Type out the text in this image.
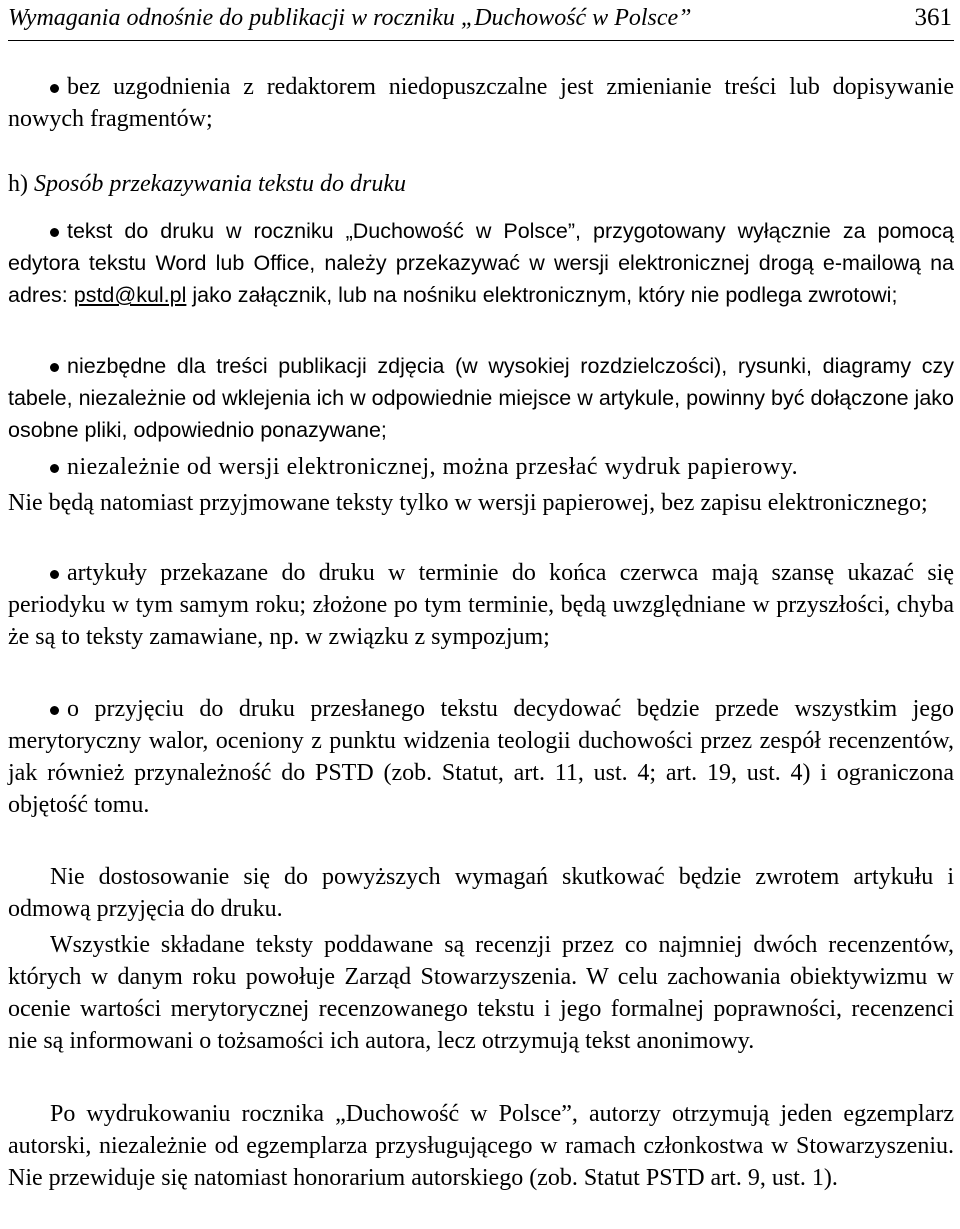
Wymagania odnośnie do publikacji w roczniku „Duchowość w Polsce”	361
bez uzgodnienia z redaktorem niedopuszczalne jest zmienianie treści lub dopisywanie nowych fragmentów;
h) Sposób przekazywania tekstu do druku
tekst do druku w roczniku „Duchowość w Polsce”, przygotowany wyłącznie za pomocą edytora tekstu Word lub Office, należy przekazywać w wersji elektronicznej drogą e-mailową na adres: pstd@kul.pl jako załącznik, lub na nośniku elektronicznym, który nie podlega zwrotowi;
niezbędne dla treści publikacji zdjęcia (w wysokiej rozdzielczości), rysunki, diagramy czy tabele, niezależnie od wklejenia ich w odpowiednie miejsce w artykule, powinny być dołączone jako osobne pliki, odpowiednio ponazywane;
niezależnie od wersji elektronicznej, można przesłać wydruk papierowy.
Nie będą natomiast przyjmowane teksty tylko w wersji papierowej, bez zapisu elektronicznego;
artykuły przekazane do druku w terminie do końca czerwca mają szansę ukazać się periodyku w tym samym roku; złożone po tym terminie, będą uwzględniane w przyszłości, chyba że są to teksty zamawiane, np. w związku z sympozjum;
o przyjęciu do druku przesłanego tekstu decydować będzie przede wszystkim jego merytoryczny walor, oceniony z punktu widzenia teologii duchowości przez zespół recenzentów, jak również przynależność do PSTD (zob. Statut, art. 11, ust. 4; art. 19, ust. 4) i ograniczona objętość tomu.
Nie dostosowanie się do powyższych wymagań skutkować będzie zwrotem artykułu i odmową przyjęcia do druku.
Wszystkie składane teksty poddawane są recenzji przez co najmniej dwóch recenzentów, których w danym roku powołuje Zarząd Stowarzyszenia. W celu zachowania obiektywizmu w ocenie wartości merytorycznej recenzowanego tekstu i jego formalnej poprawności, recenzenci nie są informowani o tożsamości ich autora, lecz otrzymują tekst anonimowy.
Po wydrukowaniu rocznika „Duchowość w Polsce”, autorzy otrzymują jeden egzemplarz autorski, niezależnie od egzemplarza przysługującego w ramach członkostwa w Stowarzyszeniu. Nie przewiduje się natomiast honorarium autorskiego (zob. Statut PSTD art. 9, ust. 1).
